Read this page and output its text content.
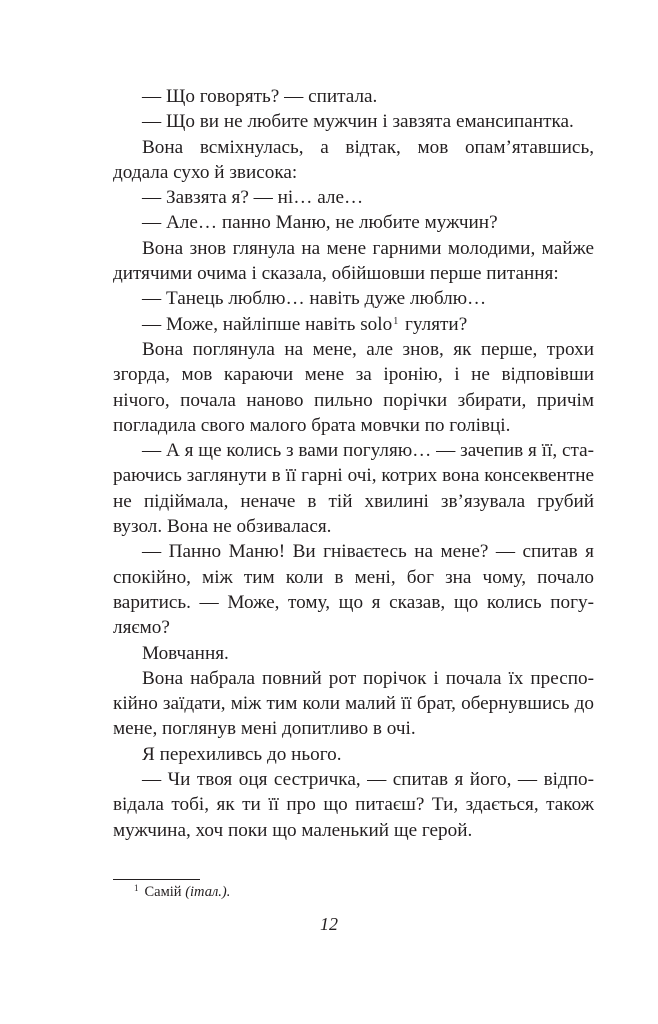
— Що говорять? — спитала.

— Що ви не любите мужчин і завзята емансипантка.

Вона всміхнулась, а відтак, мов опам’ятавшись, додала сухо й звисока:

— Завзята я? — ні… але…

— Але… панно Маню, не любите мужчин?

Вона знов глянула на мене гарними молодими, майже дитячими очима і сказала, обійшовши перше питання:

— Танець люблю… навіть дуже люблю…

— Може, найліпше навіть solo$^1$ гуляти?

Вона поглянула на мене, але знов, як перше, трохи згорда, мов караючи мене за іронію, і не відповівши нічого, почала наново пильно порічки збирати, причім погладила свого малого брата мовчки по голівці.

— А я ще колись з вами погуляю… — зачепив я її, стараючись заглянути в її гарні очі, котрих вона консеквентне не підіймала, неначе в тій хвилині зв’язувала грубий вузол. Вона не обзивалася.

— Панно Маню! Ви гніваєтесь на мене? — спитав я спокійно, між тим коли в мені, бог зна чому, почало варитись. — Може, тому, що я сказав, що колись погуляємо?

Мовчання.

Вона набрала повний рот порічок і почала їх преспокійно заїдати, між тим коли малий її брат, обернувшись до мене, поглянув мені допитливо в очі.

Я перехиливсь до нього.

— Чи твоя оця сестричка, — спитав я його, — відповідала тобі, як ти її про що питаєш? Ти, здається, також мужчина, хоч поки що маленький ще герой.

$^1$ Самій (італ.).

12
